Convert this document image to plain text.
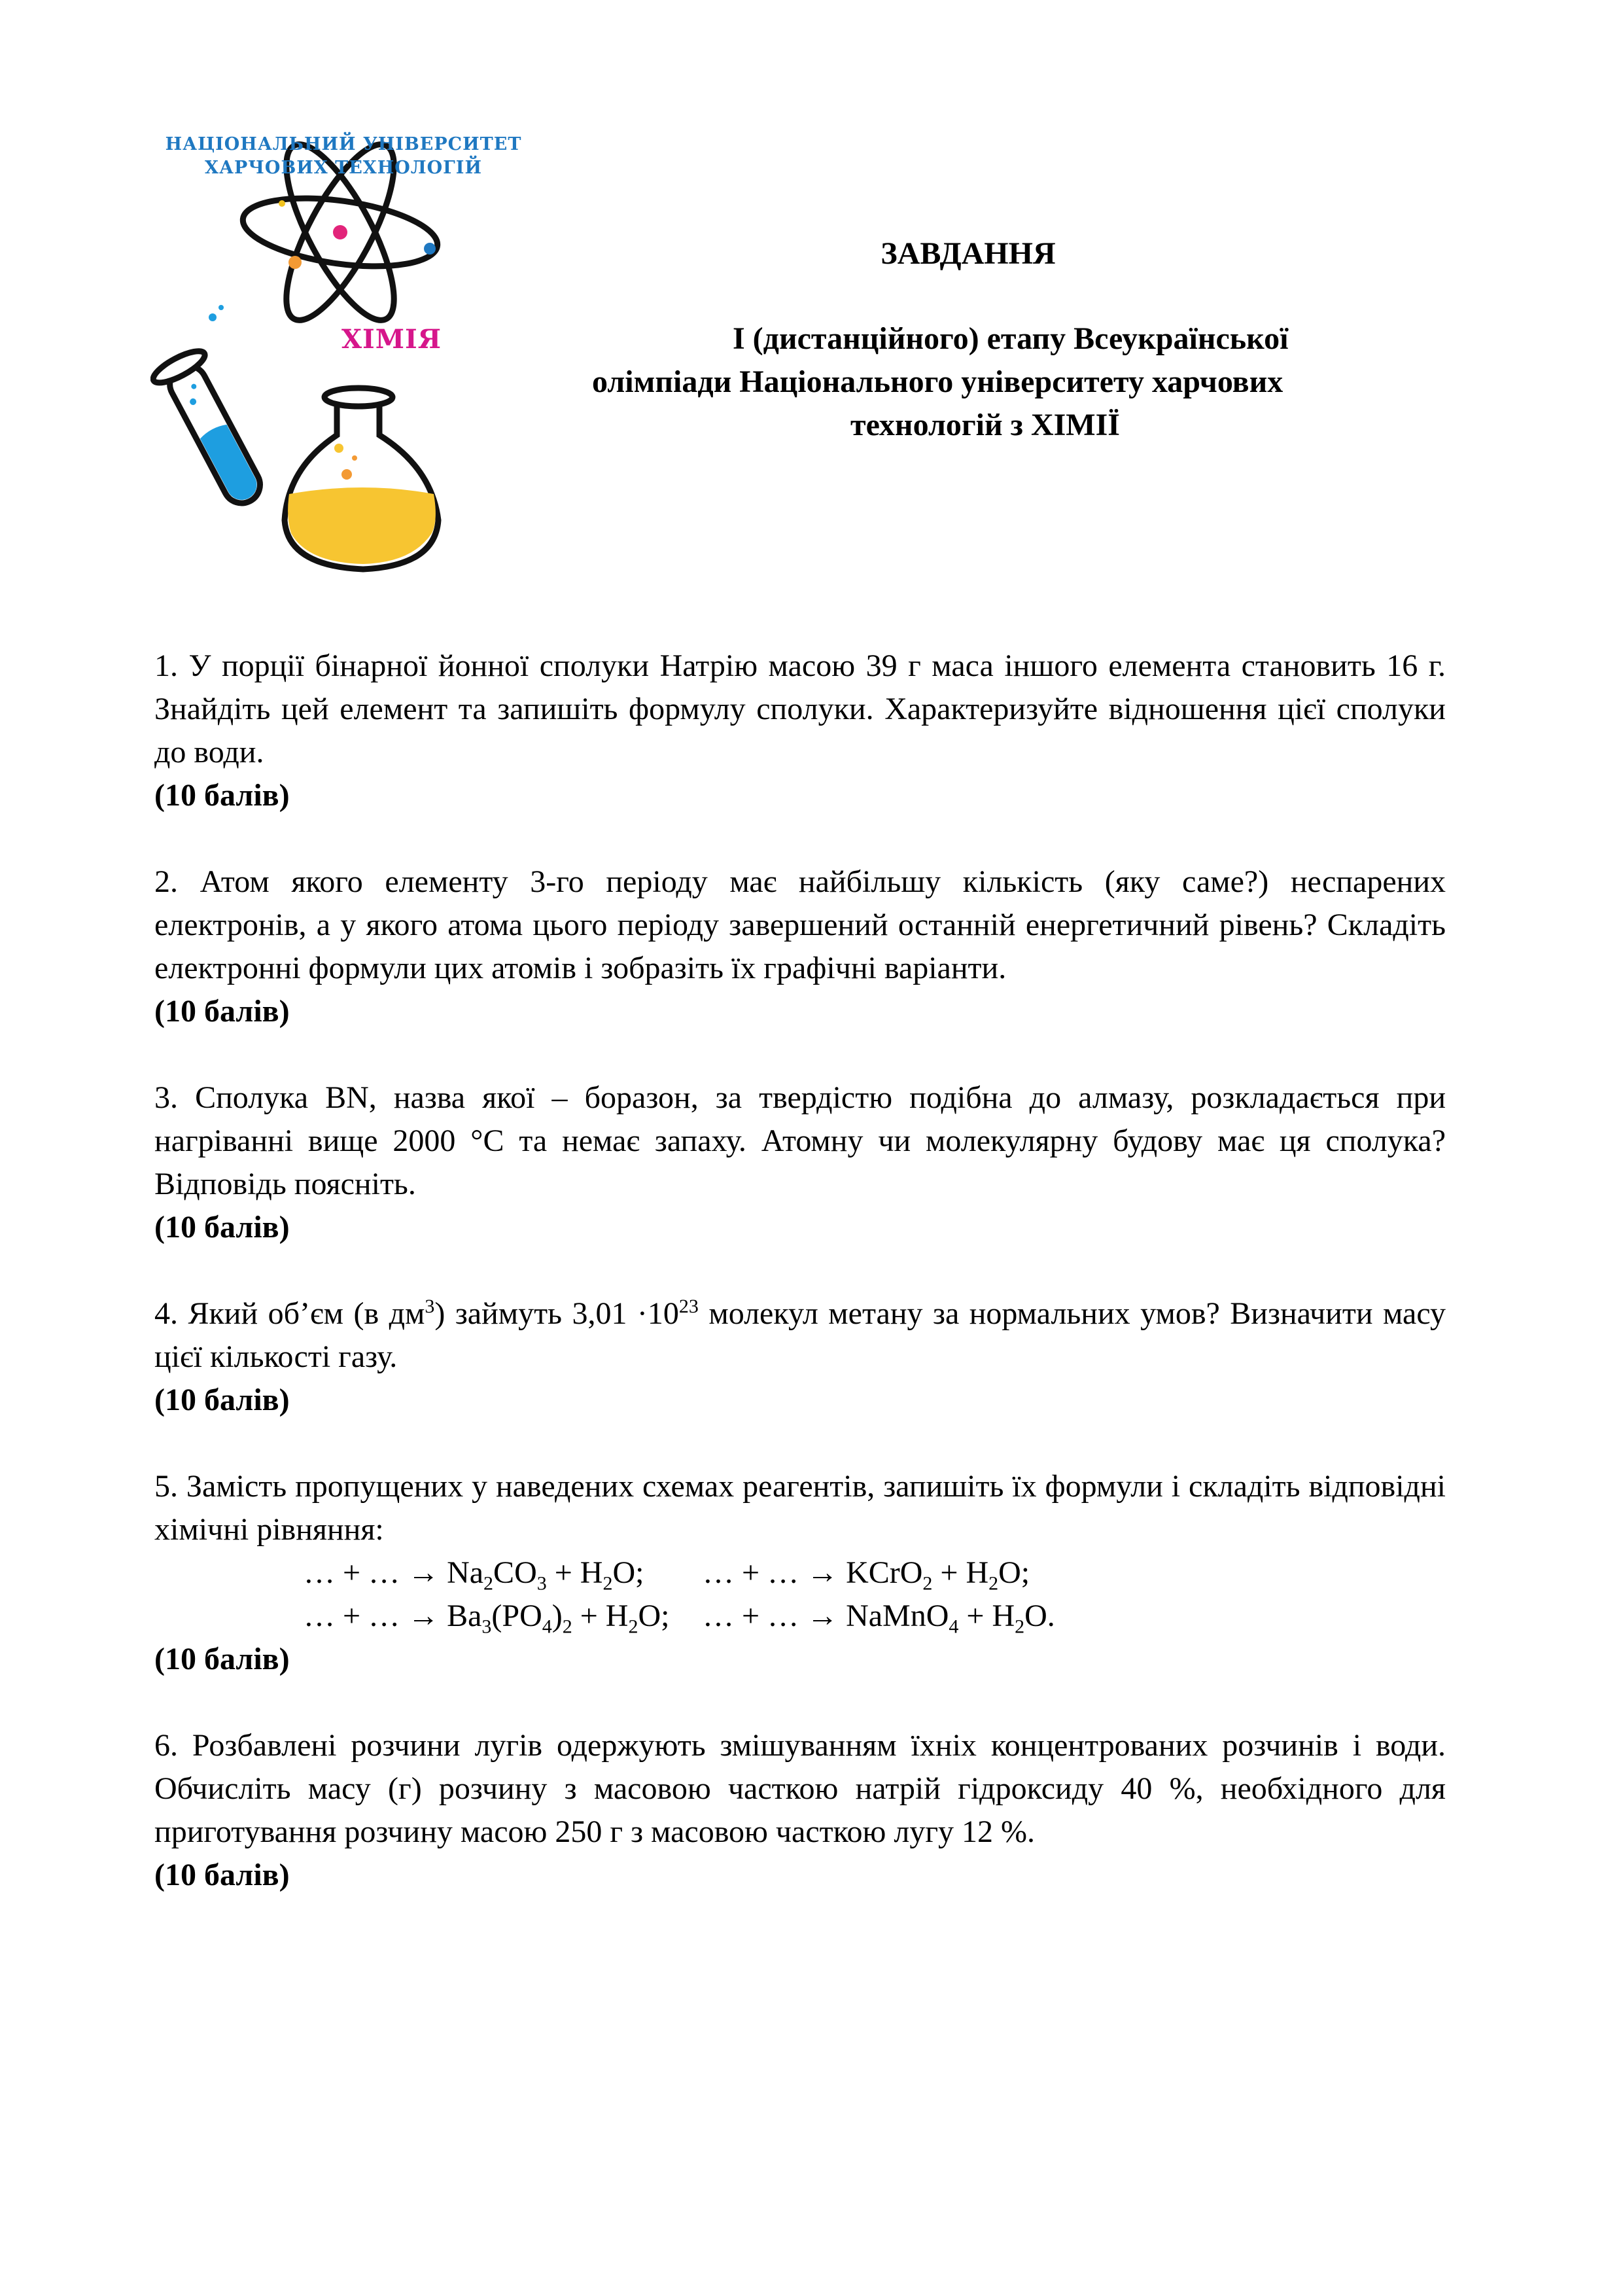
НАЦІОНАЛЬНИЙ УНІВЕРСИТЕТ
ХАРЧОВИХ ТЕХНОЛОГІЙ
ХІМІЯ
ЗАВДАННЯ
І (дистанційного) етапу Всеукраїнської
олімпіади Національного університету харчових
технологій з ХІМІЇ

1. У порції бінарної йонної сполуки Натрію масою 39 г маса іншого елемента становить 16 г. Знайдіть цей елемент та запишіть формулу сполуки. Характеризуйте відношення цієї сполуки до води.

(10 балів)

2. Атом якого елементу 3-го періоду має найбільшу кількість (яку саме?) неспарених електронів, а у якого атома цього періоду завершений останній енергетичний рівень? Складіть електронні формули цих атомів і зобразіть їх графічні варіанти.

(10 балів)

3. Сполука BN, назва якої – боразон, за твердістю подібна до алмазу, розкладається при нагріванні вище 2000 °C та немає запаху. Атомну чи молекулярну будову має ця сполука? Відповідь поясніть.

(10 балів)

4. Який об’єм (в $дм^3$) займуть $3,01 \cdot 10^{23}$ молекул метану за нормальних умов? Визначити масу цієї кількості газу.

(10 балів)

5. Замість пропущених у наведених схемах реагентів, запишіть їх формули і складіть відповідні хімічні рівняння:

… + … → $Na_2CO_3 + H_2O$;	… + … → KCrO$_2$ + $H_2O$;
… + … → $Ba_3(PO_4)_2 + H_2O$;	… + … → NaMnO$_4$ + $H_2O$.

(10 балів)

6. Розбавлені розчини лугів одержують змішуванням їхніх концентрованих розчинів і води. Обчисліть масу (г) розчину з масовою часткою натрій гідроксиду 40 %, необхідного для приготування розчину масою 250 г з масовою часткою лугу 12 %.

(10 балів)
